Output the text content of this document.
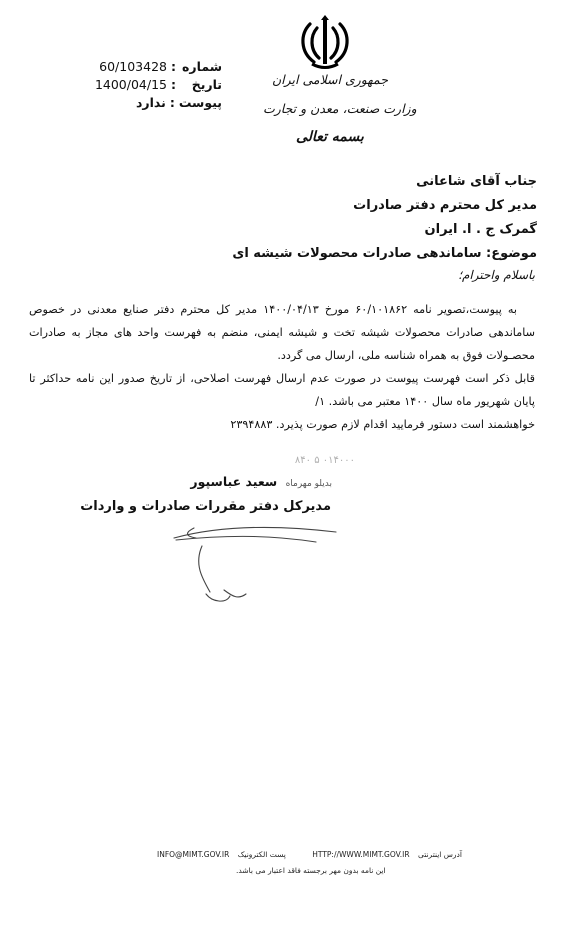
شماره
:
60/103428
تاریخ
:
1400/04/15
پیوست
:
ندارد
جمهوری اسلامی ایران
وزارت صنعت، معدن و تجارت
بسمه تعالی
جناب آقای شاعانی
مدیر کل محترم دفتر صادرات
گمرک ج . ا. ایران
موضوع: ساماندهی صادرات محصولات شیشه ای
باسلام واحترام؛

به پیوست،تصویر نامه ۶۰/۱۰۱۸۶۲ مورخ ۱۴۰۰/۰۴/۱۳ مدیر کل محترم دفتر صنایع معدنی در خصوص ساماندهی صادرات محصولات شیشه تخت و شیشه ایمنی، منضم به فهرست واحد های مجاز به صادرات محصـولات فوق به همراه شناسه ملی، ارسال می گردد.

قابل ذکر است فهرست پیوست در صورت عدم ارسال فهرست اصلاحی، از تاریخ صدور این نامه حداکثر تا پایان شهریور ماه سال ۱۴۰۰ معتبر می باشد. ۱/

خواهشمند است دستور فرمایید اقدام لازم صورت پذیرد. ۲۳۹۴۸۸۳

۰۱۴۰۰۰ ۵ ۸۴۰
بدیلو مهرماه سعید عباسپور
مدیرکل دفتر مقررات صادرات و واردات
INFO@MIMT.GOV.IR پست الکترونیک	HTTP://WWW.MIMT.GOV.IR آدرس اینترنتی
این نامه بدون مهر برجسته فاقد اعتبار می باشد.
